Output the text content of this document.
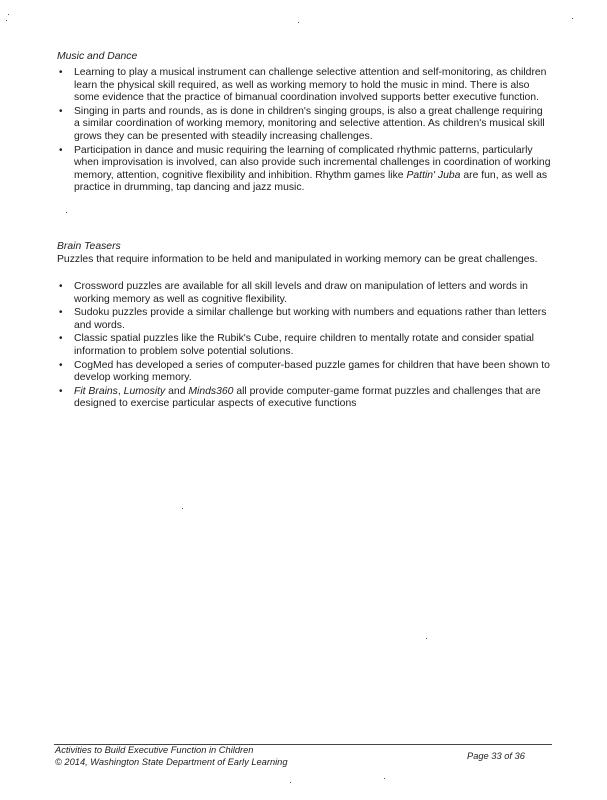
Music and Dance
• Learning to play a musical instrument can challenge selective attention and self-monitoring, as children learn the physical skill required, as well as working memory to hold the music in mind. There is also some evidence that the practice of bimanual coordination involved supports better executive function.
• Singing in parts and rounds, as is done in children's singing groups, is also a great challenge requiring a similar coordination of working memory, monitoring and selective attention. As children's musical skill grows they can be presented with steadily increasing challenges.
• Participation in dance and music requiring the learning of complicated rhythmic patterns, particularly when improvisation is involved, can also provide such incremental challenges in coordination of working memory, attention, cognitive flexibility and inhibition. Rhythm games like Pattin' Juba are fun, as well as practice in drumming, tap dancing and jazz music.
Brain Teasers

Puzzles that require information to be held and manipulated in working memory can be great challenges.

• Crossword puzzles are available for all skill levels and draw on manipulation of letters and words in working memory as well as cognitive flexibility.
• Sudoku puzzles provide a similar challenge but working with numbers and equations rather than letters and words.
• Classic spatial puzzles like the Rubik's Cube, require children to mentally rotate and consider spatial information to problem solve potential solutions.
• CogMed has developed a series of computer-based puzzle games for children that have been shown to develop working memory.
• Fit Brains, Lumosity and Minds360 all provide computer-game format puzzles and challenges that are designed to exercise particular aspects of executive functions
Activities to Build Executive Function in Children
© 2014, Washington State Department of Early Learning
Page 33 of 36
